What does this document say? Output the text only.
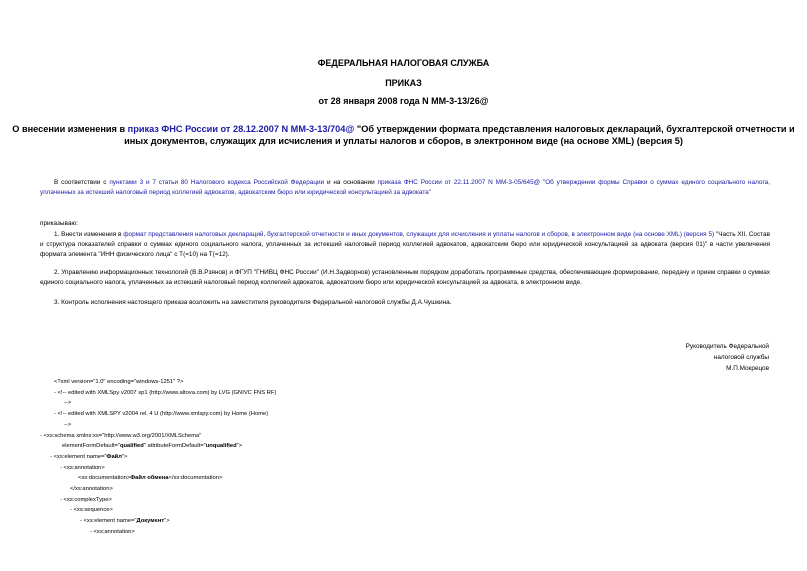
ФЕДЕРАЛЬНАЯ НАЛОГОВАЯ СЛУЖБА
ПРИКАЗ
от 28 января 2008 года N ММ-3-13/26@
О внесении изменения в приказ ФНС России от 28.12.2007 N ММ-3-13/704@ "Об утверждении формата представления налоговых деклараций, бухгалтерской отчетности и иных документов, служащих для исчисления и уплаты налогов и сборов, в электронном виде (на основе XML) (версия 5)
В соответствии с пунктами 3 и 7 статьи 80 Налогового кодекса Российской Федерации и на основании приказа ФНС России от 22.11.2007 N ММ-3-05/645@ "Об утверждении формы Справки о суммах единого социального налога, уплаченных за истекший налоговый период коллегией адвокатов, адвокатским бюро или юридической консультацией за адвоката"
приказываю:
1. Внести изменения в формат представления налоговых деклараций, бухгалтерской отчетности и иных документов, служащих для исчисления и уплаты налогов и сборов, в электронном виде (на основе XML) (версия 5) "Часть XII. Состав и структура показателей справки о суммах единого социального налога, уплаченных за истекший налоговый период коллегией адвокатов, адвокатским бюро или юридической консультацией за адвоката (версия 01)" в части увеличения формата элемента "ИНН физического лица" с T(=10) на T(=12).
2. Управлению информационных технологий (В.В.Рзянов) и ФГУП "ГНИВЦ ФНС России" (И.Н.Задворнов) установленным порядком доработать программные средства, обеспечивающие формирование, передачу и прием справки о суммах единого социального налога, уплаченных за истекший налоговый период коллегией адвокатов, адвокатским бюро или юридической консультацией за адвоката, в электронном виде.
3. Контроль исполнения настоящего приказа возложить на заместителя руководителя Федеральной налоговой службы Д.А.Чушкина.
Руководитель Федеральной
налоговой службы
М.П.Мокрецов
<?xml version="1.0" encoding="windows-1251" ?>
- <!-- edited with XMLSpy v2007 sp1 (http://www.altova.com) by LVG (GNIVC FNS RF)
-->
- <!-- edited with XMLSPY v2004 rel. 4 U (http://www.xmlspy.com) by Home (Home)
-->
- <xs:schema xmlns:xs="http://www.w3.org/2001/XMLSchema"
elementFormDefault="qualified" attributeFormDefault="unqualified">
- <xs:element name="Файл">
- <xs:annotation>
<xs:documentation>Файл обмена</xs:documentation>
</xs:annotation>
- <xs:complexType>
- <xs:sequence>
- <xs:element name="Документ">
- <xs:annotation>
